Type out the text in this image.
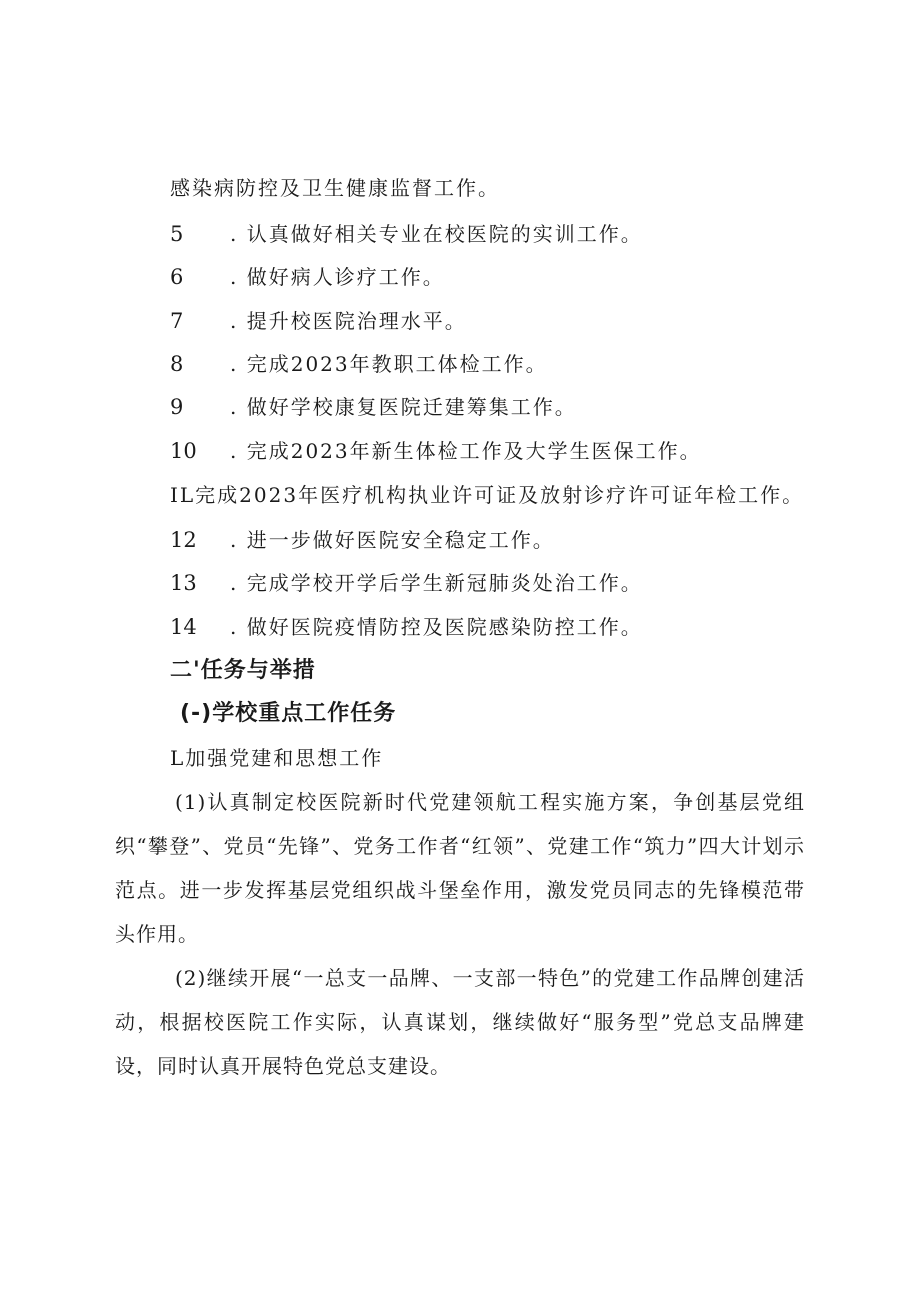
感染病防控及卫生健康监督工作。
5 . 认真做好相关专业在校医院的实训工作。
6 . 做好病人诊疗工作。
7 . 提升校医院治理水平。
8 . 完成2023年教职工体检工作。
9 . 做好学校康复医院迁建筹集工作。
10 . 完成2023年新生体检工作及大学生医保工作。
IL完成2023年医疗机构执业许可证及放射诊疗许可证年检工作。
12 . 进一步做好医院安全稳定工作。
13 . 完成学校开学后学生新冠肺炎处治工作。
14 . 做好医院疫情防控及医院感染防控工作。
二'任务与举措
(-)学校重点工作任务
L加强党建和思想工作

(1)认真制定校医院新时代党建领航工程实施方案，争创基层党组织“攀登”、党员“先锋”、党务工作者“红领”、党建工作“筑力”四大计划示范点。进一步发挥基层党组织战斗堡垒作用，激发党员同志的先锋模范带头作用。

(2)继续开展“一总支一品牌、一支部一特色”的党建工作品牌创建活动，根据校医院工作实际，认真谋划，继续做好“服务型”党总支品牌建设，同时认真开展特色党总支建设。
